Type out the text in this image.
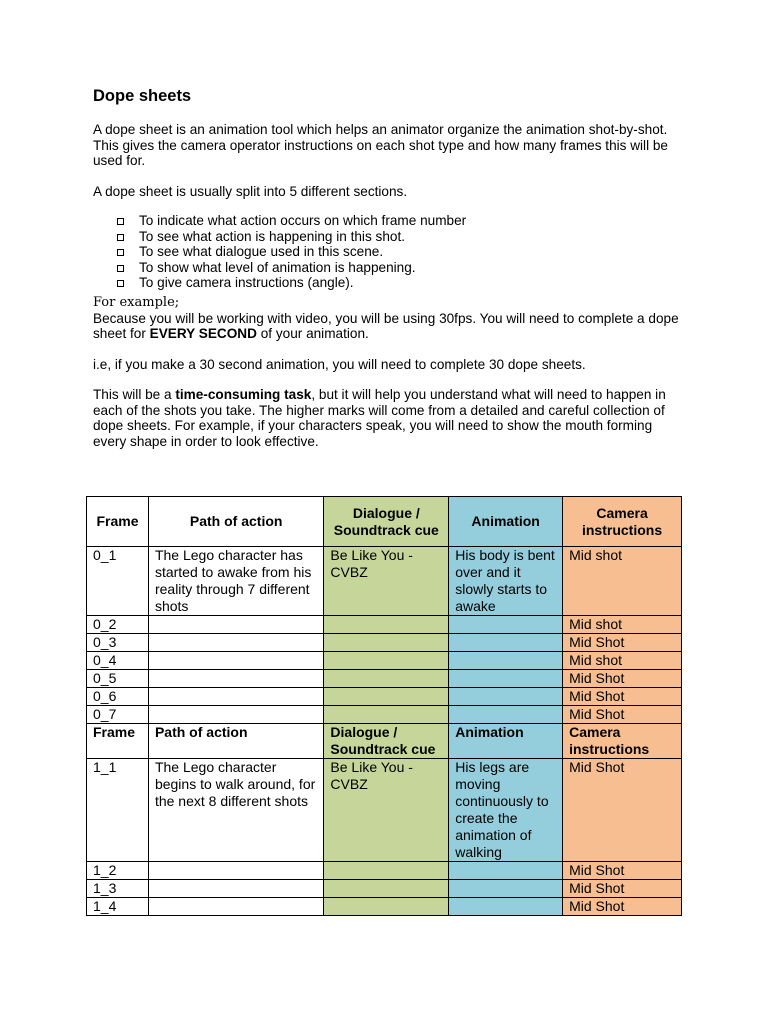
Dope sheets

A dope sheet is an animation tool which helps an animator organize the animation shot-by-shot.

This gives the camera operator instructions on each shot type and how many frames this will be used for.

A dope sheet is usually split into 5 different sections.

To indicate what action occurs on which frame number
To see what action is happening in this shot.
To see what dialogue used in this scene.
To show what level of animation is happening.
To give camera instructions (angle).
For example;

Because you will be working with video, you will be using 30fps. You will need to complete a dope sheet for EVERY SECOND of your animation.

i.e, if you make a 30 second animation, you will need to complete 30 dope sheets.

This will be a time-consuming task, but it will help you understand what will need to happen in each of the shots you take. The higher marks will come from a detailed and careful collection of dope sheets. For example, if your characters speak, you will need to show the mouth forming every shape in order to look effective.

Frame	Path of action	Dialogue / Soundtrack cue	Animation	Camera instructions
0_1	The Lego character has started to awake from his reality through 7 different shots	Be Like You - CVBZ	His body is bent over and it slowly starts to awake	Mid shot
0_2				Mid shot
0_3				Mid Shot
0_4				Mid shot
0_5				Mid Shot
0_6				Mid Shot
0_7				Mid Shot
Frame	Path of action	Dialogue / Soundtrack cue	Animation	Camera instructions
1_1	The Lego character begins to walk around, for the next 8 different shots	Be Like You - CVBZ	His legs are moving continuously to create the animation of walking	Mid Shot
1_2				Mid Shot
1_3				Mid Shot
1_4				Mid Shot
